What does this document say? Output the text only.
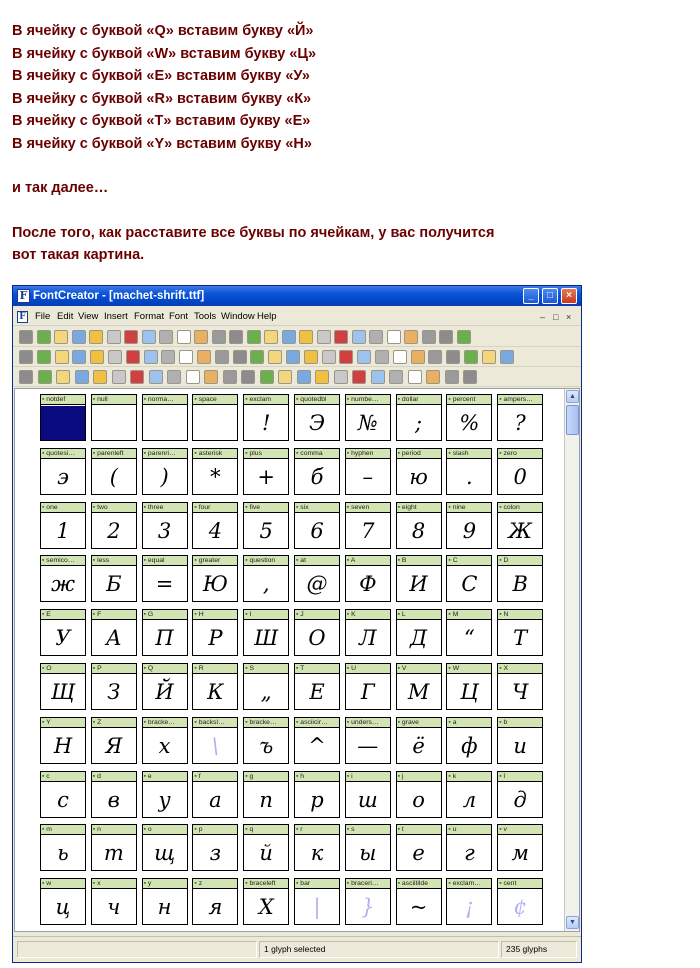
В ячейку с буквой «Q» вставим букву «Й»
В ячейку с буквой «W» вставим букву «Ц»
В ячейку с буквой «E» вставим букву «У»
В ячейку с буквой «R» вставим букву «К»
В ячейку с буквой «T» вставим букву «Е»
В ячейку с буквой «Y» вставим букву «Н»
и так далее…
После того, как расставите все буквы по ячейкам, у вас получится
вот такая картина.
F FontCreator - [machet-shrift.ttf]	_	□	×
F File Edit View Insert Format Font Tools Window Help	– □ ×
▲
▼
▪ notdef	▪ null	▪ norma…	▪ space	▪ exclam
!
▪ quotedbl
Э
▪ numbe…
№
▪ dollar
;
▪ percent
%
▪ ampers…
?
▪ quotesi…
э
▪ parenleft
(
▪ parenri…
)
▪ asterisk
*
▪ plus
+
▪ comma
б
▪ hyphen
–
▪ period
ю
▪ slash
.
▪ zero
0
▪ one
1
▪ two
2
▪ three
3
▪ four
4
▪ five
5
▪ six
6
▪ seven
7
▪ eight
8
▪ nine
9
▪ colon
Ж
▪ semico…
ж
▪ less
Б
▪ equal
=
▪ greater
Ю
▪ question
,
▪ at
@
▪ A
Ф
▪ B
И
▪ C
С
▪ D
В
▪ E
У
▪ F
А
▪ G
П
▪ H
Р
▪ I
Ш
▪ J
О
▪ K
Л
▪ L
Д
▪ M
“
▪ N
Т
▪ O
Щ
▪ P
З
▪ Q
Й
▪ R
К
▪ S
„
▪ T
Е
▪ U
Г
▪ V
М
▪ W
Ц
▪ X
Ч
▪ Y
Н
▪ Z
Я
▪ bracke…
х
▪ backsl…
\
▪ bracke…
ъ
▪ asciicir…
^
▪ unders…
—
▪ grave
ё
▪ a
ф
▪ b
и
▪ c
с
▪ d
в
▪ e
у
▪ f
а
▪ g
п
▪ h
р
▪ i
ш
▪ j
о
▪ k
л
▪ l
д
▪ m
ь
▪ n
т
▪ o
щ
▪ p
з
▪ q
й
▪ r
к
▪ s
ы
▪ t
е
▪ u
г
▪ v
м
▪ w
ц
▪ x
ч
▪ y
н
▪ z
я
▪ braceleft
Х
▪ bar
|
▪ braceri…
}
▪ asciitilde
~
▪ exclam…
¡
▪ cent
¢
1 glyph selected	235 glyphs
